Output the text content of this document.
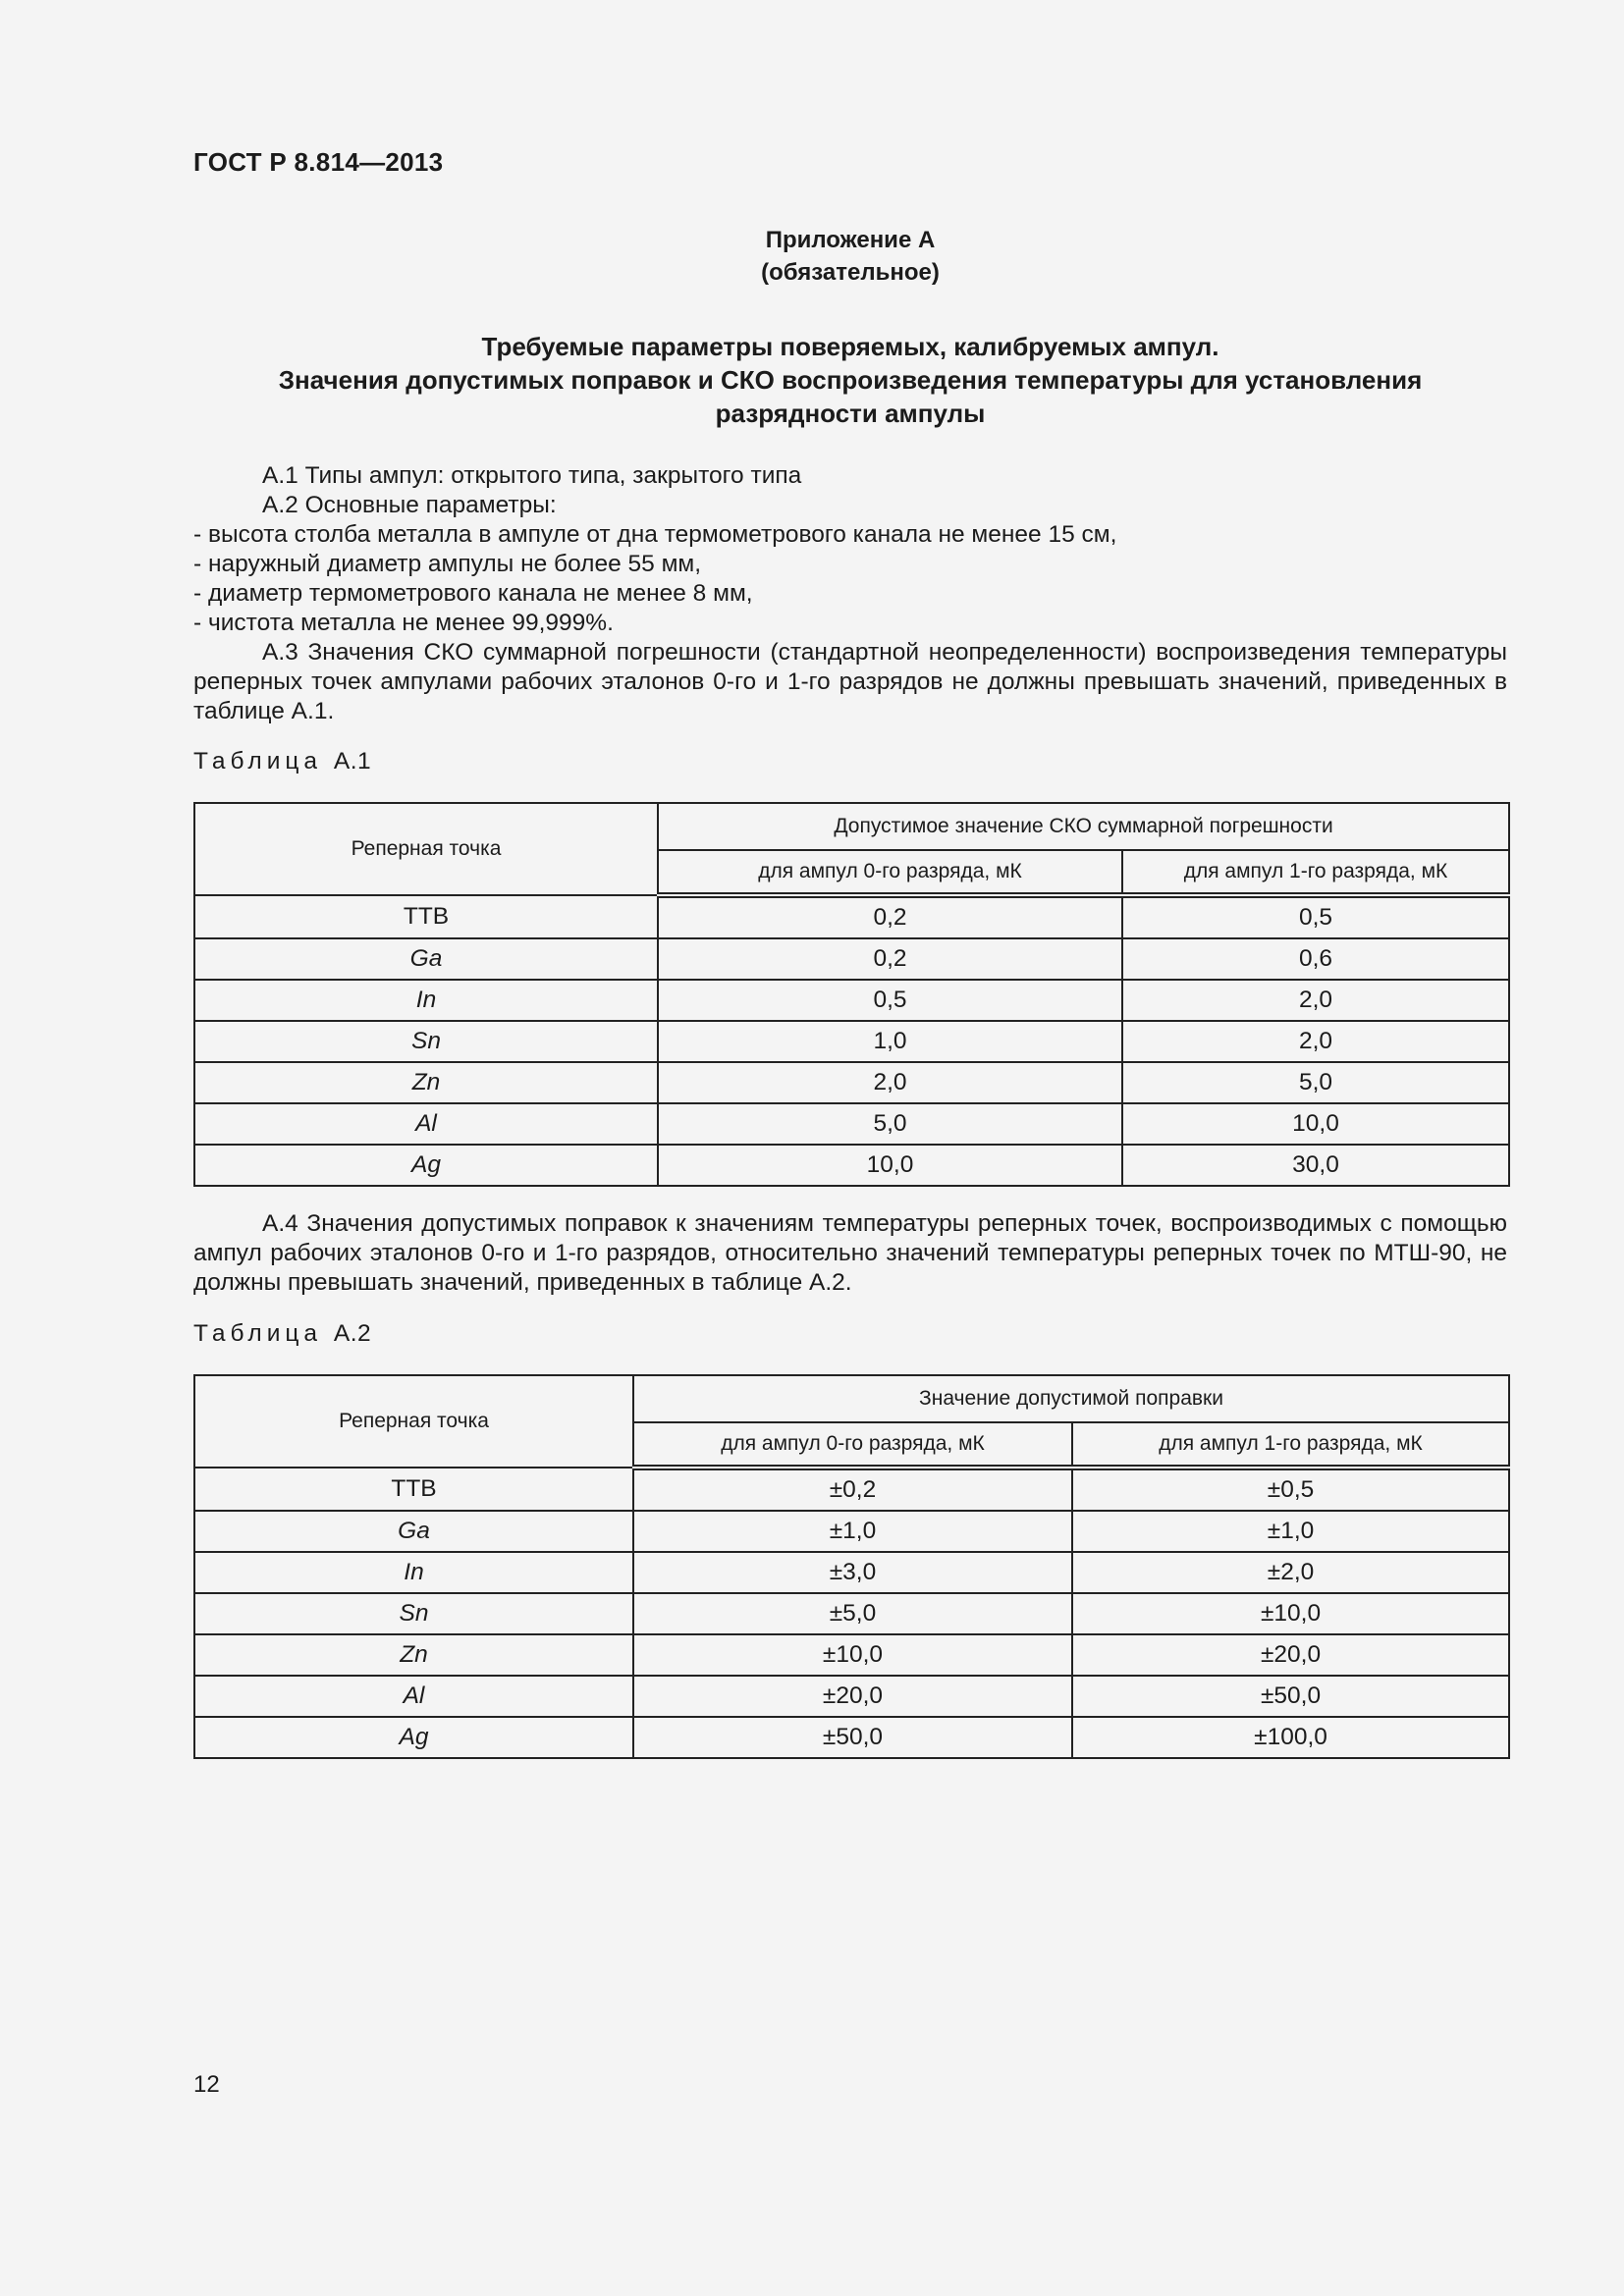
ГОСТ Р 8.814—2013
Приложение А
(обязательное)
Требуемые параметры поверяемых, калибруемых ампул.
Значения допустимых поправок и СКО воспроизведения температуры для установления
разрядности ампулы
А.1 Типы ампул: открытого типа, закрытого типа
А.2 Основные параметры:
- высота столба металла в ампуле от дна термометрового канала не менее 15 см,
- наружный диаметр ампулы не более 55 мм,
- диаметр термометрового канала не менее 8 мм,
- чистота металла не менее 99,999%.

А.3 Значения СКО суммарной погрешности (стандартной неопределенности) воспроизведения температуры реперных точек ампулами рабочих эталонов 0-го и 1-го разрядов не должны превышать значений, приведенных в таблице А.1.

Таблица А.1
Реперная точка	Допустимое значение СКО суммарной погрешности	
	для ампул 0-го разряда, мК	для ампул 1-го разряда, мК
ТТВ	0,2	0,5
Ga	0,2	0,6
In	0,5	2,0
Sn	1,0	2,0
Zn	2,0	5,0
Al	5,0	10,0
Ag	10,0	30,0

А.4 Значения допустимых поправок к значениям температуры реперных точек, воспроизводимых с помощью ампул рабочих эталонов 0-го и 1-го разрядов, относительно значений температуры реперных точек по МТШ-90, не должны превышать значений, приведенных в таблице А.2.

Таблица А.2
Реперная точка	Значение допустимой поправки	
	для ампул 0-го разряда, мК	для ампул 1-го разряда, мК
ТТВ	±0,2	±0,5
Ga	±1,0	±1,0
In	±3,0	±2,0
Sn	±5,0	±10,0
Zn	±10,0	±20,0
Al	±20,0	±50,0
Ag	±50,0	±100,0
12
